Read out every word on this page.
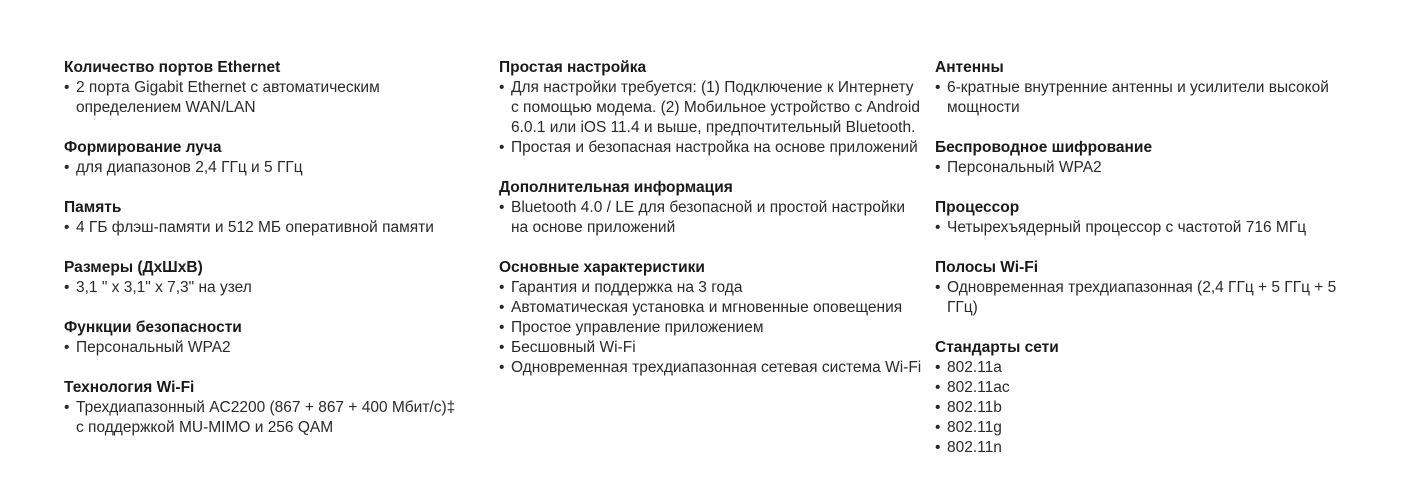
Количество портов Ethernet
• 2 порта Gigabit Ethernet с автоматическим определением WAN/LAN
Формирование луча
• для диапазонов 2,4 ГГц и 5 ГГц
Память
• 4 ГБ флэш-памяти и 512 МБ оперативной памяти
Размеры (ДхШхВ)
• 3,1 " x 3,1" x 7,3" на узел
Функции безопасности
• Персональный WPA2
Технология Wi-Fi
• Трехдиапазонный AC2200 (867 + 867 + 400 Мбит/с)‡ с поддержкой MU-MIMO и 256 QAM
Простая настройка
• Для настройки требуется: (1) Подключение к Интернету с помощью модема. (2) Мобильное устройство с Android 6.0.1 или iOS 11.4 и выше, предпочтительный Bluetooth.
• Простая и безопасная настройка на основе приложений
Дополнительная информация
• Bluetooth 4.0 / LE для безопасной и простой настройки на основе приложений
Основные характеристики
• Гарантия и поддержка на 3 года
• Автоматическая установка и мгновенные оповещения
• Простое управление приложением
• Бесшовный Wi-Fi
• Одновременная трехдиапазонная сетевая система Wi-Fi
Антенны
• 6-кратные внутренние антенны и усилители высокой мощности
Беспроводное шифрование
• Персональный WPA2
Процессор
• Четырехъядерный процессор с частотой 716 МГц
Полосы Wi-Fi
• Одновременная трехдиапазонная (2,4 ГГц + 5 ГГц + 5 ГГц)
Стандарты сети
• 802.11a
• 802.11ac
• 802.11b
• 802.11g
• 802.11n
